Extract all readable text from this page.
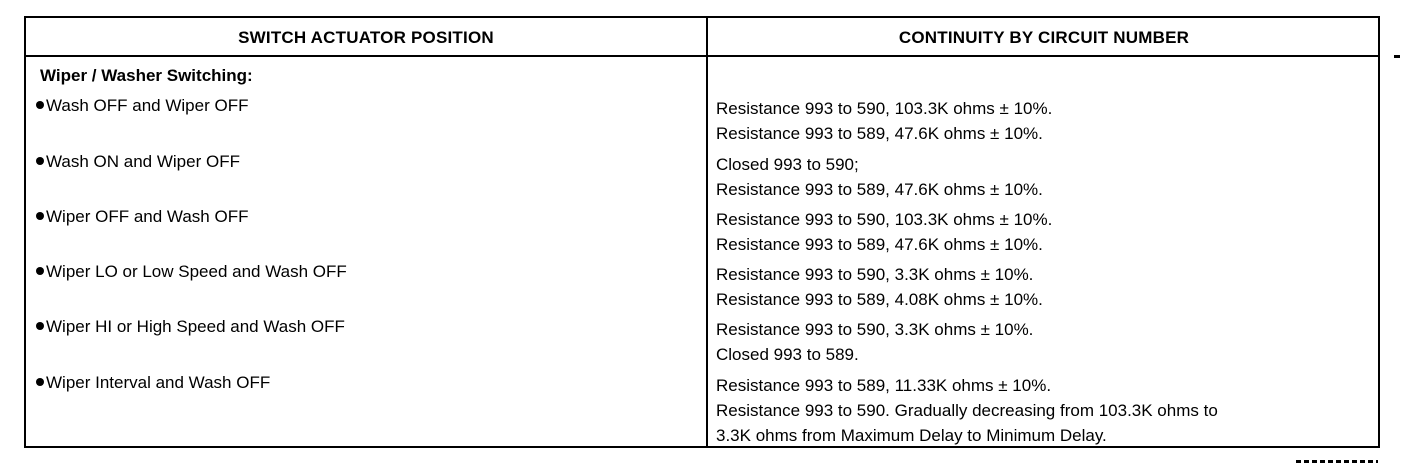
SWITCH ACTUATOR POSITION	CONTINUITY BY CIRCUIT NUMBER
Wiper / Washer Switching:
Wash OFF and Wiper OFF	Resistance 993 to 590, 103.3K ohms ± 10%.
Resistance 993 to 589, 47.6K ohms ± 10%.
Wash ON and Wiper OFF	Closed 993 to 590;
Resistance 993 to 589, 47.6K ohms ± 10%.
Wiper OFF and Wash OFF	Resistance 993 to 590, 103.3K ohms ± 10%.
Resistance 993 to 589, 47.6K ohms ± 10%.
Wiper LO or Low Speed and Wash OFF	Resistance 993 to 590, 3.3K ohms ± 10%.
Resistance 993 to 589, 4.08K ohms ± 10%.
Wiper HI or High Speed and Wash OFF	Resistance 993 to 590, 3.3K ohms ± 10%.
Closed 993 to 589.
Wiper Interval and Wash OFF	Resistance 993 to 589, 11.33K ohms ± 10%.
Resistance 993 to 590. Gradually decreasing from 103.3K ohms to
3.3K ohms from Maximum Delay to Minimum Delay.
